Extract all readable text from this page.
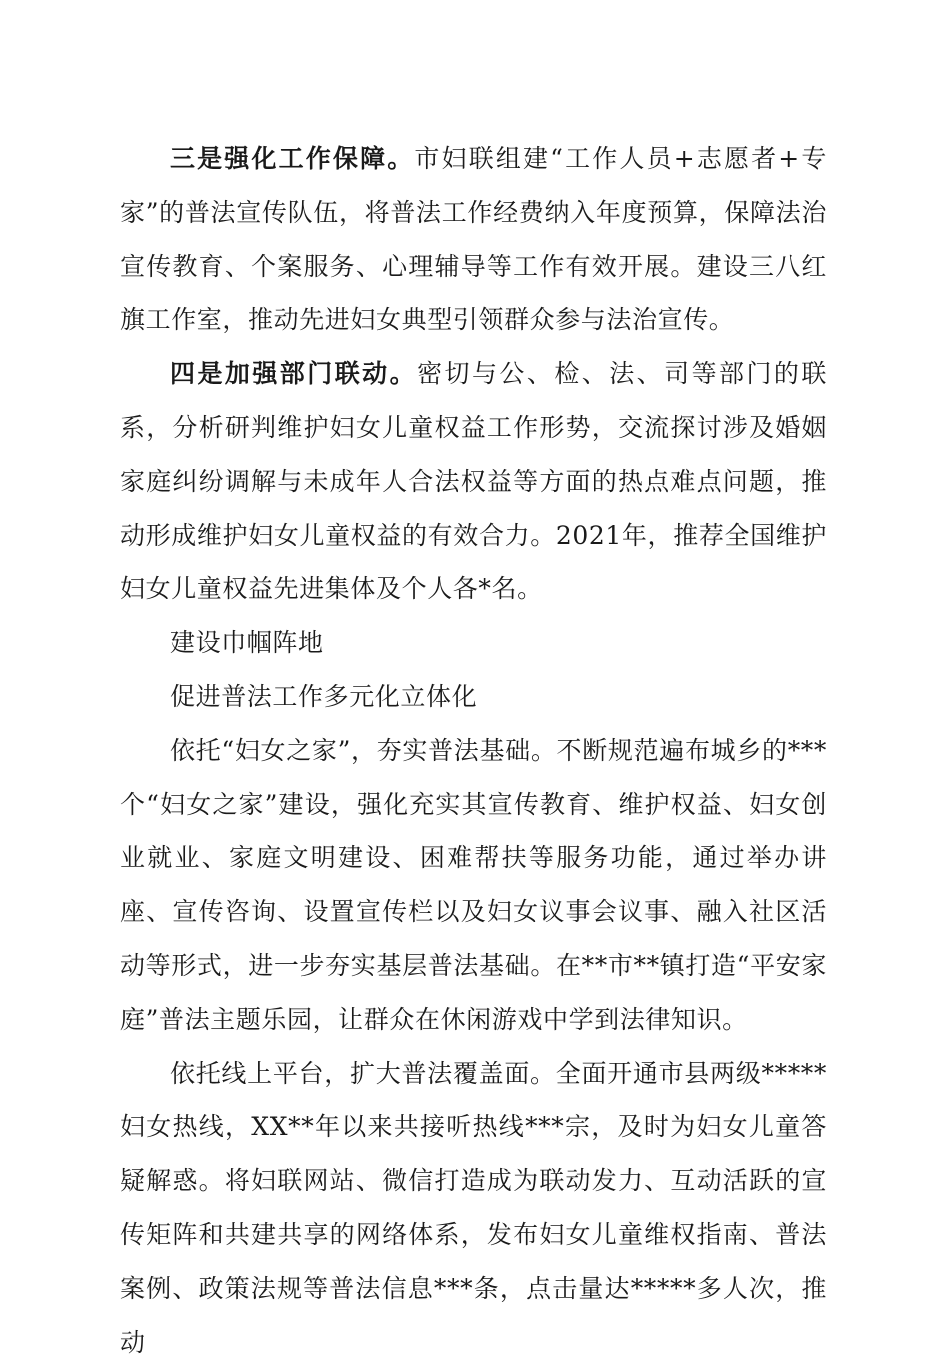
三是强化工作保障。市妇联组建“工作人员+志愿者+专家”的普法宣传队伍，将普法工作经费纳入年度预算，保障法治宣传教育、个案服务、心理辅导等工作有效开展。建设三八红旗工作室，推动先进妇女典型引领群众参与法治宣传。

四是加强部门联动。密切与公、检、法、司等部门的联系，分析研判维护妇女儿童权益工作形势，交流探讨涉及婚姻家庭纠纷调解与未成年人合法权益等方面的热点难点问题，推动形成维护妇女儿童权益的有效合力。2021年，推荐全国维护妇女儿童权益先进集体及个人各*名。

建设巾帼阵地

促进普法工作多元化立体化

依托“妇女之家”，夯实普法基础。不断规范遍布城乡的***个“妇女之家”建设，强化充实其宣传教育、维护权益、妇女创业就业、家庭文明建设、困难帮扶等服务功能，通过举办讲座、宣传咨询、设置宣传栏以及妇女议事会议事、融入社区活动等形式，进一步夯实基层普法基础。在**市**镇打造“平安家庭”普法主题乐园，让群众在休闲游戏中学到法律知识。

依托线上平台，扩大普法覆盖面。全面开通市县两级*****妇女热线，XX**年以来共接听热线***宗，及时为妇女儿童答疑解惑。将妇联网站、微信打造成为联动发力、互动活跃的宣传矩阵和共建共享的网络体系，发布妇女儿童维权指南、普法案例、政策法规等普法信息***条，点击量达*****多人次，推动
